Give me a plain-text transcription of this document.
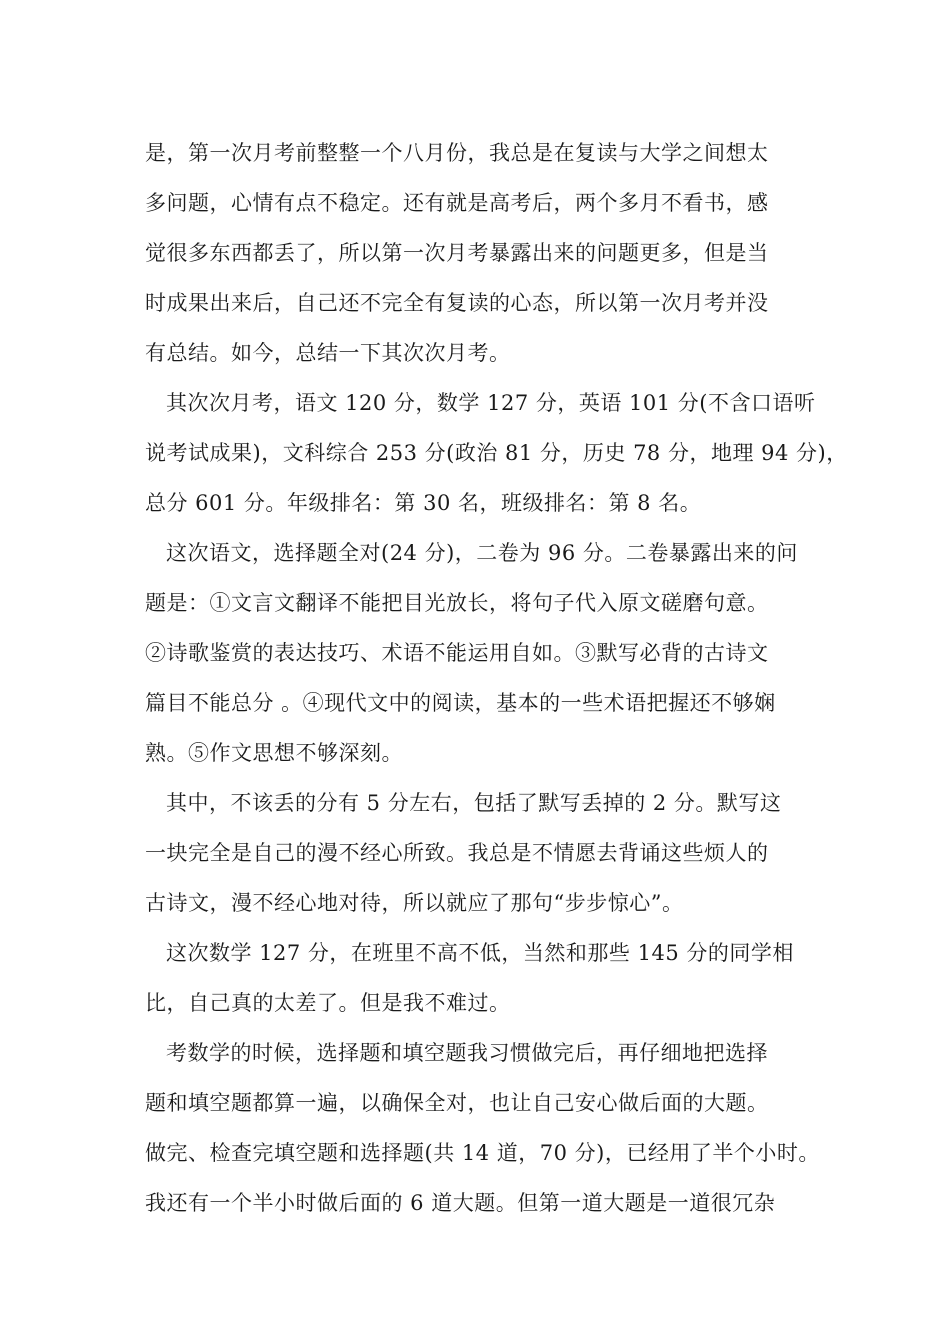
是，第一次月考前整整一个八月份，我总是在复读与大学之间想太
多问题，心情有点不稳定。还有就是高考后，两个多月不看书，感
觉很多东西都丢了，所以第一次月考暴露出来的问题更多，但是当
时成果出来后，自己还不完全有复读的心态，所以第一次月考并没
有总结。如今，总结一下其次次月考。
其次次月考，语文 120 分，数学 127 分，英语 101 分(不含口语听
说考试成果)，文科综合 253 分(政治 81 分，历史 78 分，地理 94 分)，
总分 601 分。年级排名：第 30 名，班级排名：第 8 名。
这次语文，选择题全对(24 分)，二卷为 96 分。二卷暴露出来的问
题是：①文言文翻译不能把目光放长，将句子代入原文磋磨句意。
②诗歌鉴赏的表达技巧、术语不能运用自如。③默写必背的古诗文
篇目不能总分 。④现代文中的阅读，基本的一些术语把握还不够娴
熟。⑤作文思想不够深刻。
其中，不该丢的分有 5 分左右，包括了默写丢掉的 2 分。默写这
一块完全是自己的漫不经心所致。我总是不情愿去背诵这些烦人的
古诗文，漫不经心地对待，所以就应了那句“步步惊心”。
这次数学 127 分，在班里不高不低，当然和那些 145 分的同学相
比，自己真的太差了。但是我不难过。
考数学的时候，选择题和填空题我习惯做完后，再仔细地把选择
题和填空题都算一遍，以确保全对，也让自己安心做后面的大题。
做完、检查完填空题和选择题(共 14 道，70 分)，已经用了半个小时。
我还有一个半小时做后面的 6 道大题。但第一道大题是一道很冗杂
